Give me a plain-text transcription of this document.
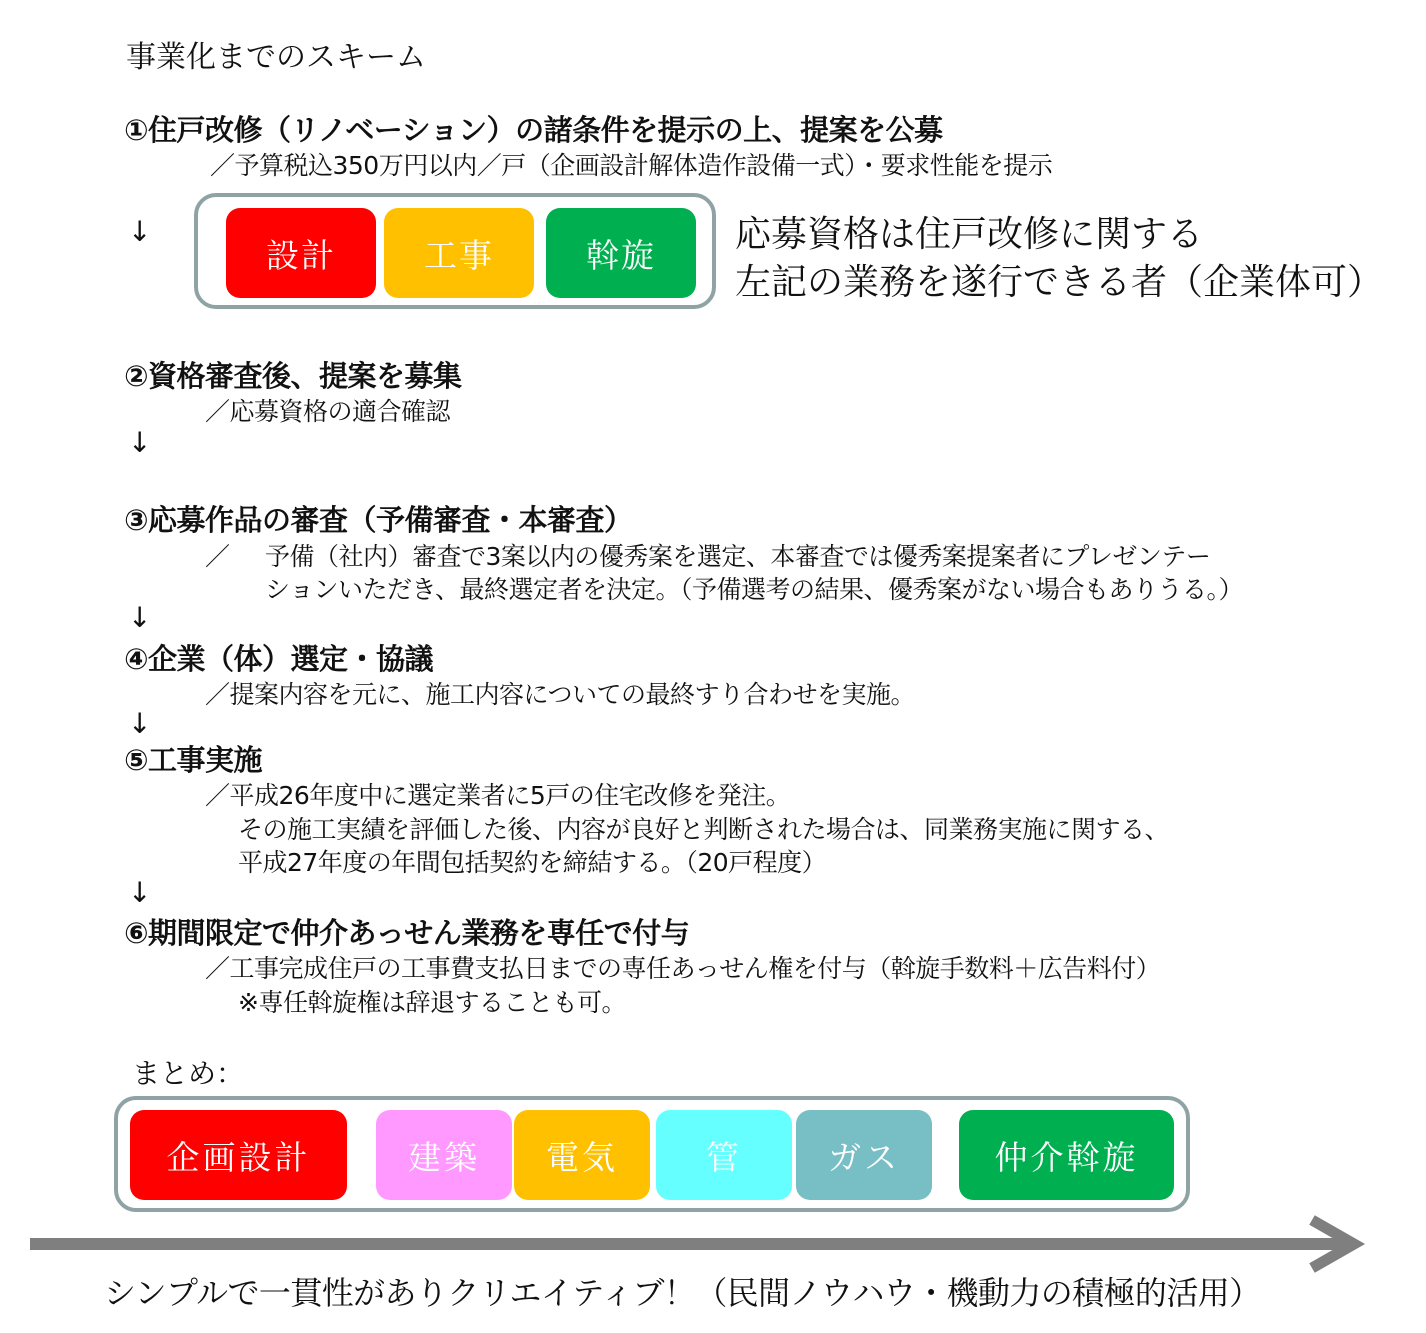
事業化までのスキーム
①住戸改修（リノベーション）の諸条件を提示の上、提案を公募
／予算税込350万円以内／戸（企画設計解体造作設備一式）・要求性能を提示
↓
設計	工事	斡旋	応募資格は住戸改修に関する
左記の業務を遂行できる者（企業体可）
②資格審査後、提案を募集
／応募資格の適合確認
↓
③応募作品の審査（予備審査・本審査）
／ 予備（社内）審査で3案以内の優秀案を選定、本審査では優秀案提案者にプレゼンテー
ションいただき、最終選定者を決定。（予備選考の結果、優秀案がない場合もありうる。）
↓
④企業（体）選定・協議
／提案内容を元に、施工内容についての最終すり合わせを実施。
↓
⑤工事実施
／平成26年度中に選定業者に5戸の住宅改修を発注。
その施工実績を評価した後、内容が良好と判断された場合は、同業務実施に関する、
平成27年度の年間包括契約を締結する。（20戸程度）
↓
⑥期間限定で仲介あっせん業務を専任で付与
／工事完成住戸の工事費支払日までの専任あっせん権を付与（斡旋手数料＋広告料付）
※専任斡旋権は辞退することも可。
まとめ：
企画設計	建築	電気	管	ガス	仲介斡旋
シンプルで一貫性がありクリエイティブ！（民間ノウハウ・機動力の積極的活用）
